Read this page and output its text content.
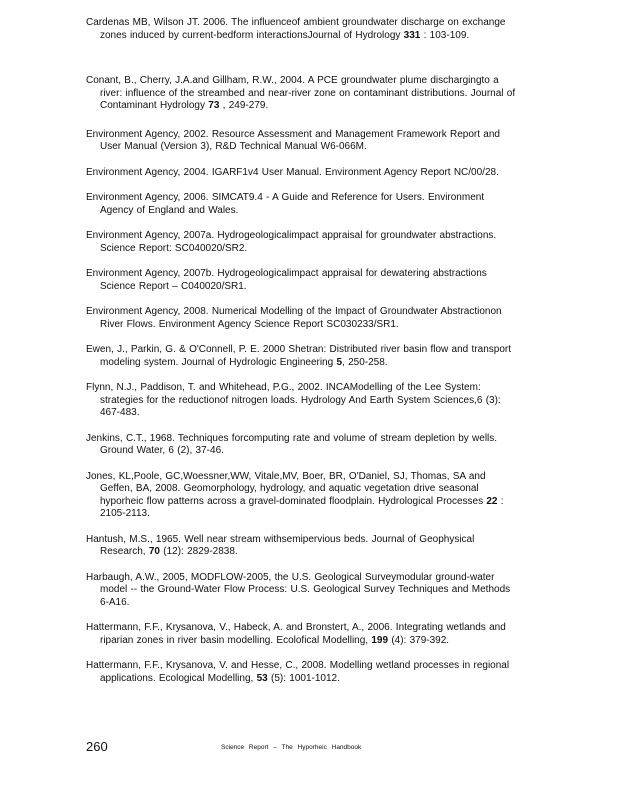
Cardenas MB, Wilson JT. 2006. The influenceof ambient groundwater discharge on exchange zones induced by current-bedform interactionsJournal of Hydrology 331 : 103-109.

Conant, B., Cherry, J.A.and Gillham, R.W., 2004. A PCE groundwater plume dischargingto a river: influence of the streambed and near-river zone on contaminant distributions. Journal of Contaminant Hydrology 73 , 249-279.

Environment Agency, 2002. Resource Assessment and Management Framework Report and User Manual (Version 3), R&D Technical Manual W6-066M.

Environment Agency, 2004. IGARF1v4 User Manual. Environment Agency Report NC/00/28.

Environment Agency, 2006. SIMCAT9.4 - A Guide and Reference for Users. Environment Agency of England and Wales.

Environment Agency, 2007a. Hydrogeologicalimpact appraisal for groundwater abstractions. Science Report: SC040020/SR2.

Environment Agency, 2007b. Hydrogeologicalimpact appraisal for dewatering abstractions Science Report – C040020/SR1.

Environment Agency, 2008. Numerical Modelling of the Impact of Groundwater Abstractionon River Flows. Environment Agency Science Report SC030233/SR1.

Ewen, J., Parkin, G. & O'Connell, P. E. 2000 Shetran: Distributed river basin flow and transport modeling system. Journal of Hydrologic Engineering 5, 250-258.

Flynn, N.J., Paddison, T. and Whitehead, P.G., 2002. INCAModelling of the Lee System: strategies for the reductionof nitrogen loads. Hydrology And Earth System Sciences,6 (3): 467-483.

Jenkins, C.T., 1968. Techniques forcomputing rate and volume of stream depletion by wells. Ground Water, 6 (2), 37-46.

Jones, KL,Poole, GC,Woessner,WW, Vitale,MV, Boer, BR, O'Daniel, SJ, Thomas, SA and Geffen, BA, 2008. Geomorphology, hydrology, and aquatic vegetation drive seasonal hyporheic flow patterns across a gravel-dominated floodplain. Hydrological Processes 22 : 2105-2113.

Hantush, M.S., 1965. Well near stream withsemipervious beds. Journal of Geophysical Research, 70 (12): 2829-2838.

Harbaugh, A.W., 2005, MODFLOW-2005, the U.S. Geological Surveymodular ground-water model -- the Ground-Water Flow Process: U.S. Geological Survey Techniques and Methods 6-A16.

Hattermann, F.F., Krysanova, V., Habeck, A. and Bronstert, A., 2006. Integrating wetlands and riparian zones in river basin modelling. Ecolofical Modelling, 199 (4): 379-392.

Hattermann, F.F., Krysanova, V. and Hesse, C., 2008. Modelling wetland processes in regional applications. Ecological Modelling, 53 (5): 1001-1012.

260	Science Report – The Hyporheic Handbook
